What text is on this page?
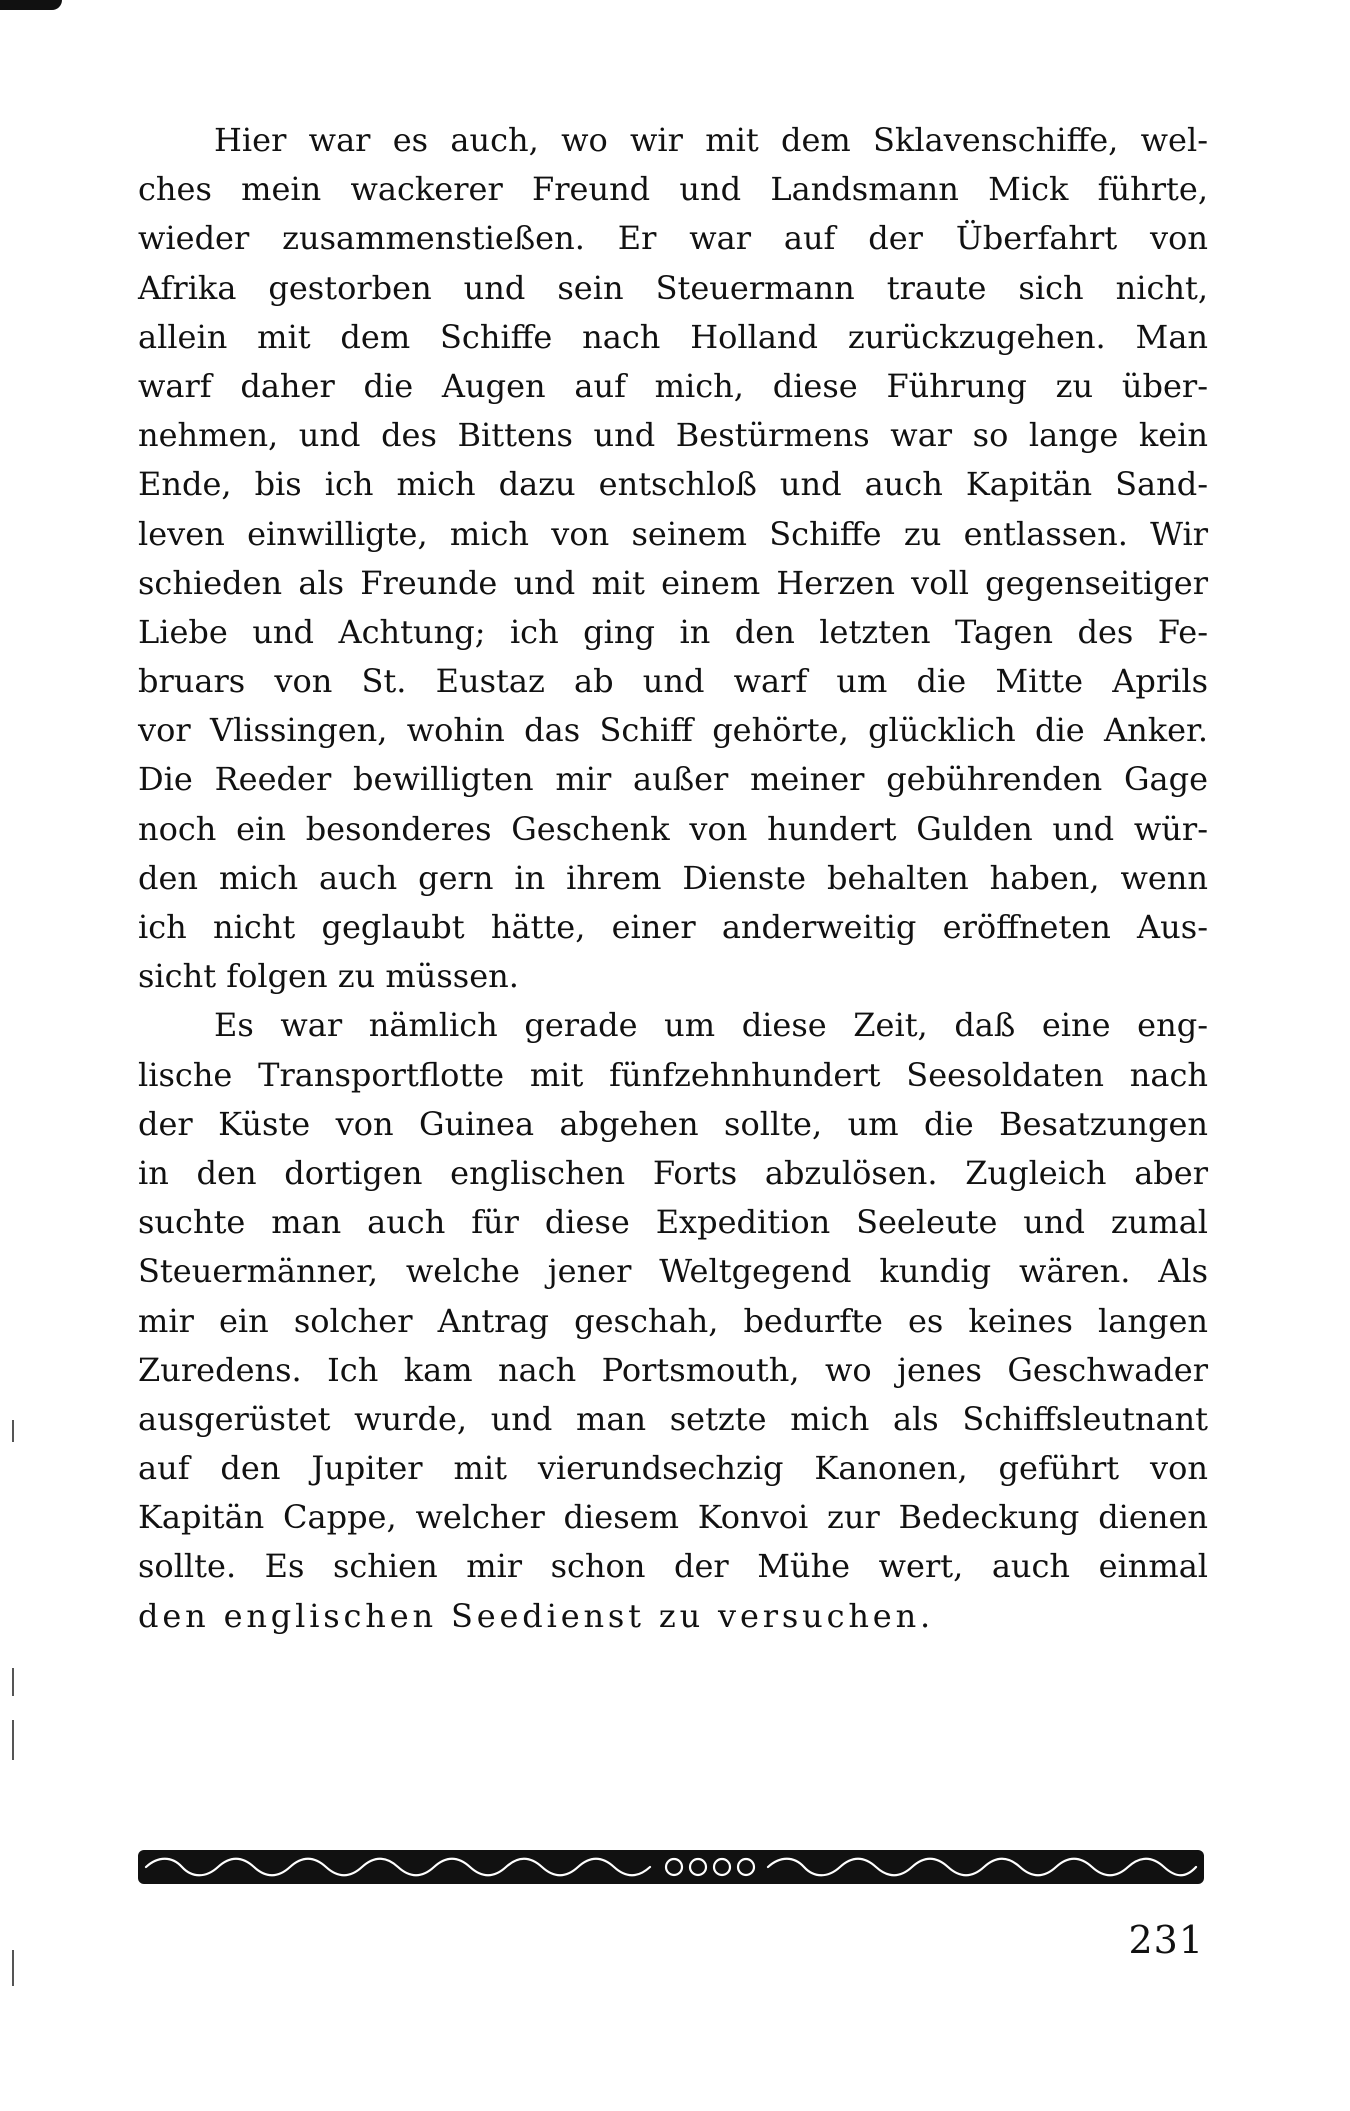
Hier war es auch, wo wir mit dem Sklavenschiffe, wel-
ches mein wackerer Freund und Landsmann Mick führte,
wieder zusammenstießen. Er war auf der Überfahrt von
Afrika gestorben und sein Steuermann traute sich nicht,
allein mit dem Schiffe nach Holland zurückzugehen. Man
warf daher die Augen auf mich, diese Führung zu über-
nehmen, und des Bittens und Bestürmens war so lange kein
Ende, bis ich mich dazu entschloß und auch Kapitän Sand-
leven einwilligte, mich von seinem Schiffe zu entlassen. Wir
schieden als Freunde und mit einem Herzen voll gegenseitiger
Liebe und Achtung; ich ging in den letzten Tagen des Fe-
bruars von St. Eustaz ab und warf um die Mitte Aprils
vor Vlissingen, wohin das Schiff gehörte, glücklich die Anker.
Die Reeder bewilligten mir außer meiner gebührenden Gage
noch ein besonderes Geschenk von hundert Gulden und wür-
den mich auch gern in ihrem Dienste behalten haben, wenn
ich nicht geglaubt hätte, einer anderweitig eröffneten Aus-
sicht folgen zu müssen.
Es war nämlich gerade um diese Zeit, daß eine eng-
lische Transportflotte mit fünfzehnhundert Seesoldaten nach
der Küste von Guinea abgehen sollte, um die Besatzungen
in den dortigen englischen Forts abzulösen. Zugleich aber
suchte man auch für diese Expedition Seeleute und zumal
Steuermänner, welche jener Weltgegend kundig wären. Als
mir ein solcher Antrag geschah, bedurfte es keines langen
Zuredens. Ich kam nach Portsmouth, wo jenes Geschwader
ausgerüstet wurde, und man setzte mich als Schiffsleutnant
auf den Jupiter mit vierundsechzig Kanonen, geführt von
Kapitän Cappe, welcher diesem Konvoi zur Bedeckung dienen
sollte. Es schien mir schon der Mühe wert, auch einmal
den englischen Seedienst zu versuchen.
231
